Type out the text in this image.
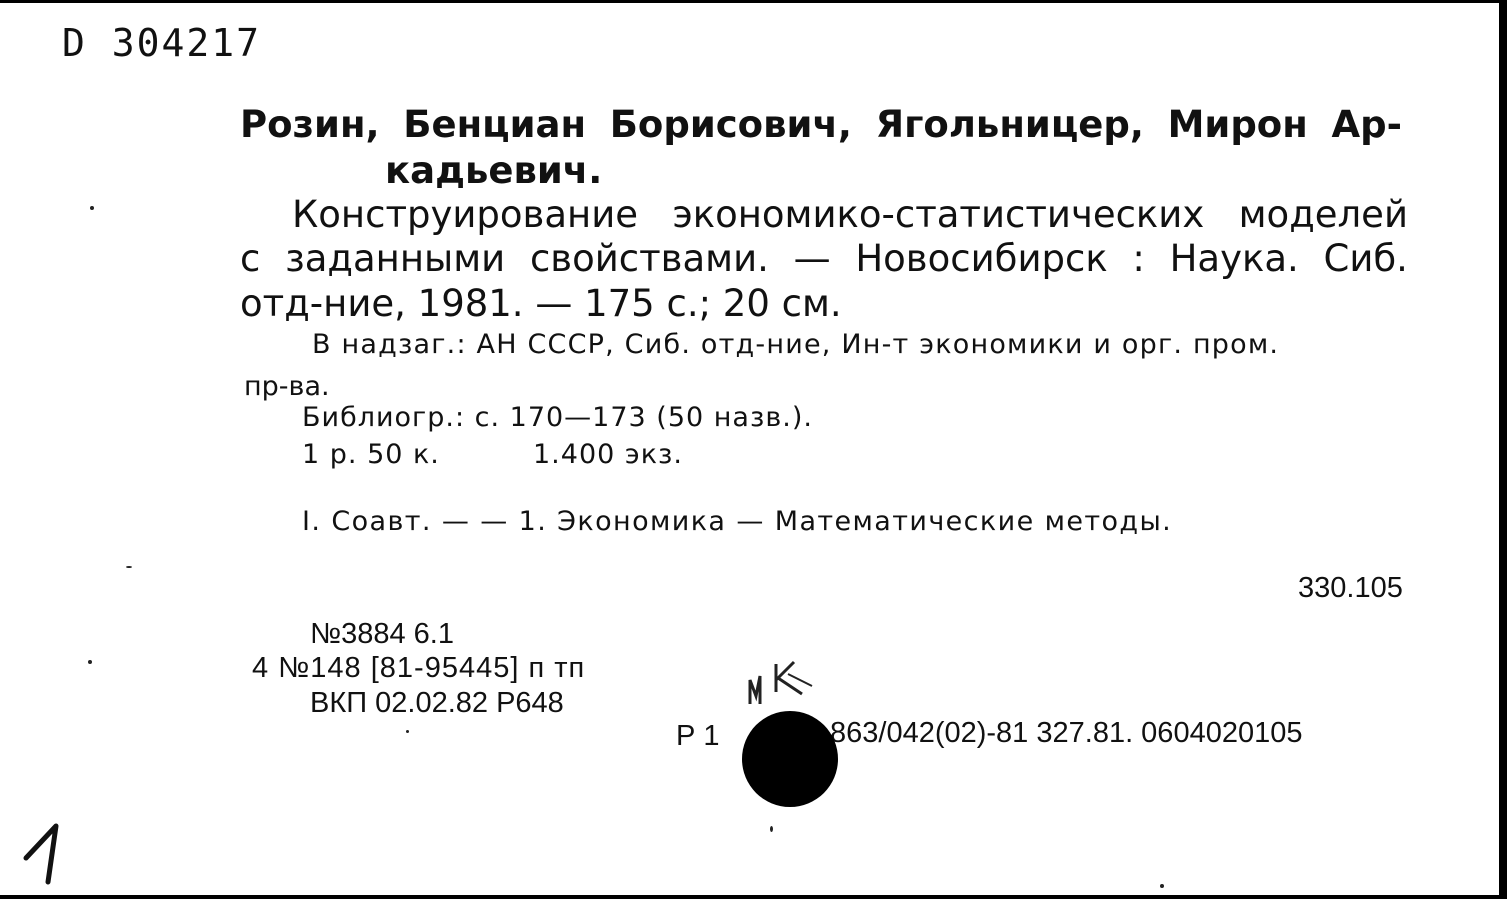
D 304217
Розин, Бенциан Борисович, Ягольницер, Мирон Ар-
кадьевич.
Конструирование экономико-статистических моделей
с заданными свойствами. — Новосибирск : Наука. Сиб.
отд-ние, 1981. — 175 с.; 20 см.
В надзаг.: АН СССР, Сиб. отд-ние, Ин-т экономики и орг. пром.
пр-ва.
Библиогр.: с. 170—173 (50 назв.).
1 р. 50 к.	1.400 экз.
I. Соавт. — — 1. Экономика — Математические методы.
330.105
№3884 6.1
4 №148 [81-95445] п тп
ВКП 02.02.82 Р648
Р 1	863/042(02)-81 327.81. 0604020105
